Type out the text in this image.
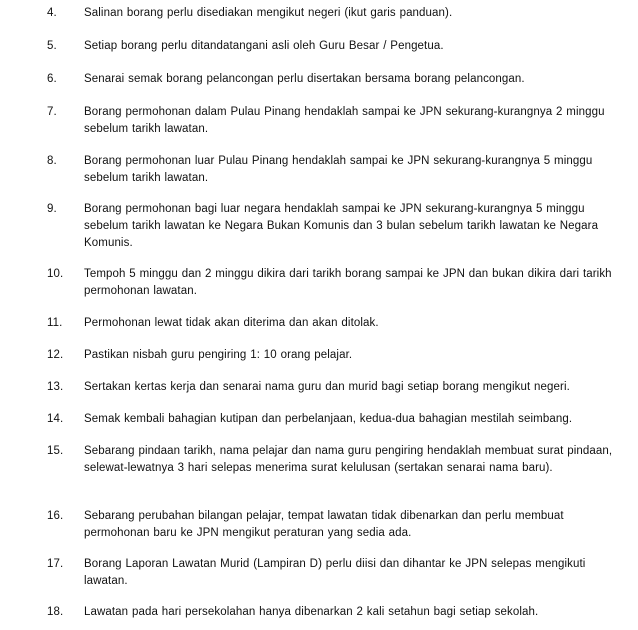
4. Salinan borang perlu disediakan mengikut negeri (ikut garis panduan).
5. Setiap borang perlu ditandatangani asli oleh Guru Besar / Pengetua.
6. Senarai semak borang pelancongan perlu disertakan bersama borang pelancongan.
7. Borang permohonan dalam Pulau Pinang hendaklah sampai ke JPN sekurang-kurangnya 2 minggu sebelum tarikh lawatan.
8. Borang permohonan luar Pulau Pinang hendaklah sampai ke JPN sekurang-kurangnya 5 minggu sebelum tarikh lawatan.
9. Borang permohonan bagi luar negara hendaklah sampai ke JPN sekurang-kurangnya 5 minggu sebelum tarikh lawatan ke Negara Bukan Komunis dan 3 bulan sebelum tarikh lawatan ke Negara Komunis.
10. Tempoh 5 minggu dan 2 minggu dikira dari tarikh borang sampai ke JPN dan bukan dikira dari tarikh permohonan lawatan.
11. Permohonan lewat tidak akan diterima dan akan ditolak.
12. Pastikan nisbah guru pengiring 1: 10 orang pelajar.
13. Sertakan kertas kerja dan senarai nama guru dan murid bagi setiap borang mengikut negeri.
14. Semak kembali bahagian kutipan dan perbelanjaan, kedua-dua bahagian mestilah seimbang.
15. Sebarang pindaan tarikh, nama pelajar dan nama guru pengiring hendaklah membuat surat pindaan, selewat-lewatnya 3 hari selepas menerima surat kelulusan (sertakan senarai nama baru).
16. Sebarang perubahan bilangan pelajar, tempat lawatan tidak dibenarkan dan perlu membuat permohonan baru ke JPN mengikut peraturan yang sedia ada.
17. Borang Laporan Lawatan Murid (Lampiran D) perlu diisi dan dihantar ke JPN selepas mengikuti lawatan.
18. Lawatan pada hari persekolahan hanya dibenarkan 2 kali setahun bagi setiap sekolah.
